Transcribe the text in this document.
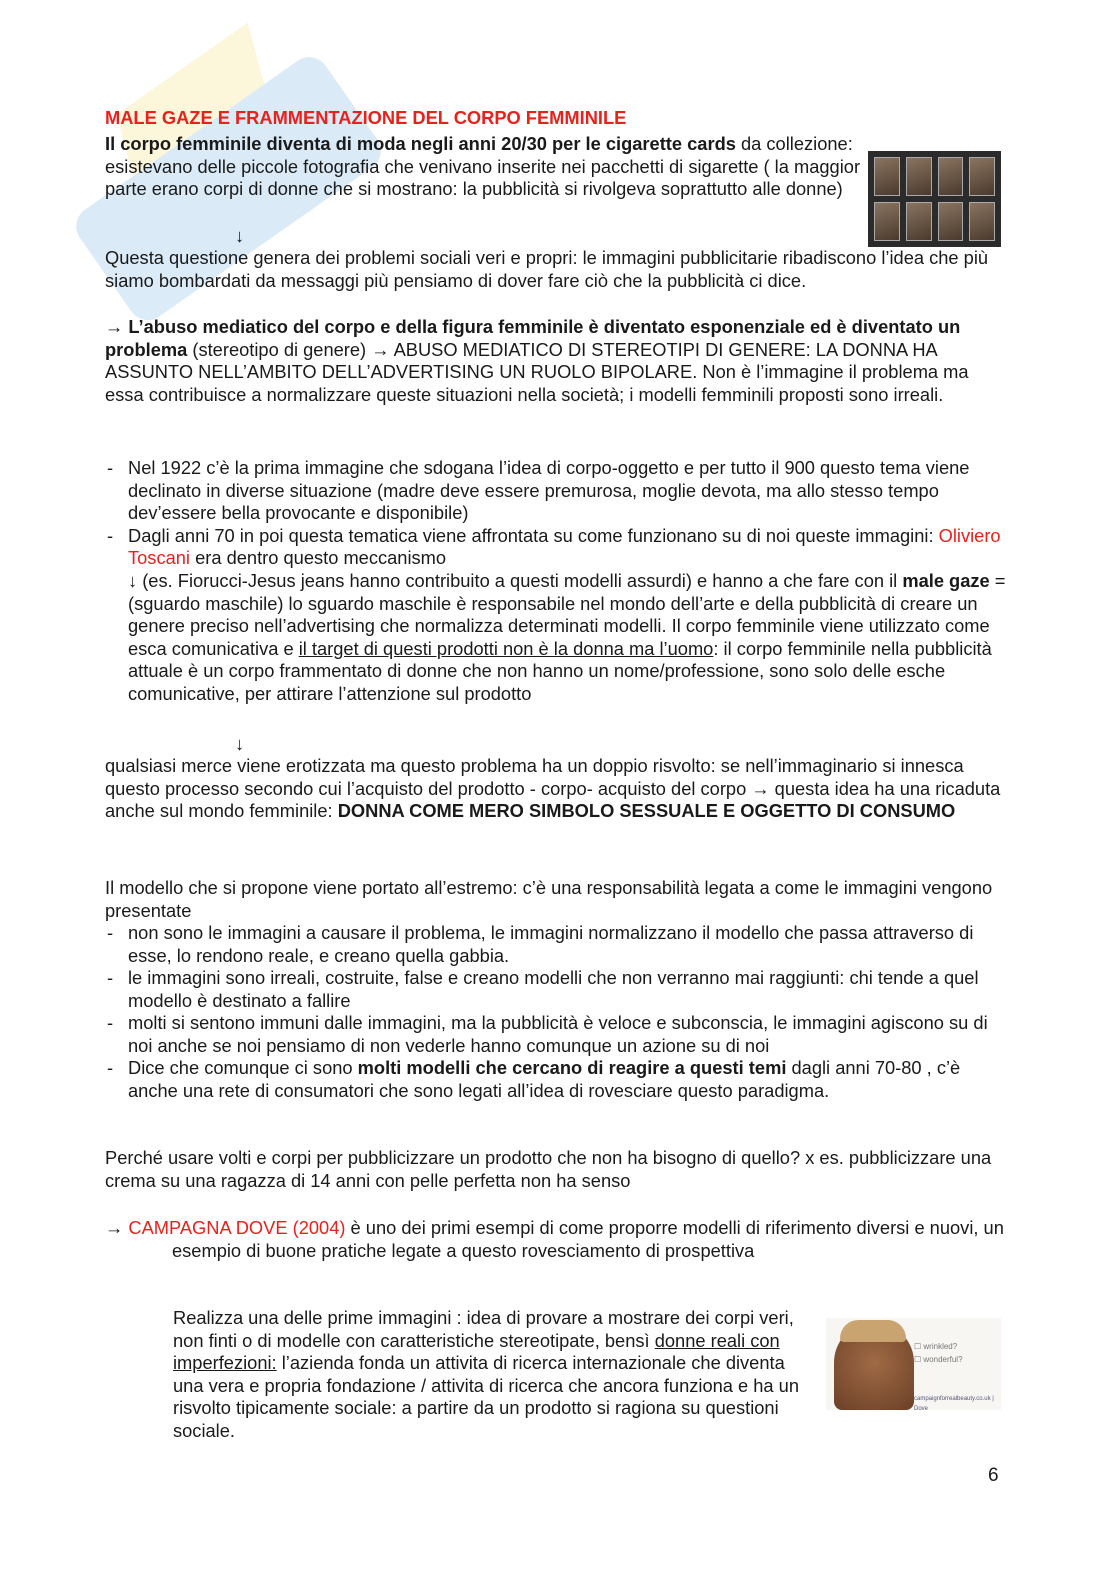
MALE GAZE E FRAMMENTAZIONE DEL CORPO FEMMINILE
Il corpo femminile diventa di moda negli anni 20/30 per le cigarette cards da collezione: esistevano delle piccole fotografia che venivano inserite nei pacchetti di sigarette ( la maggior parte erano corpi di donne che si mostrano: la pubblicità si rivolgeva soprattutto alle donne)
↓
Questa questione genera dei problemi sociali veri e propri: le immagini pubblicitarie ribadiscono l’idea che più siamo bombardati da messaggi più pensiamo di dover fare ciò che la pubblicità ci dice.
→ L’abuso mediatico del corpo e della figura femminile è diventato esponenziale ed è diventato un problema (stereotipo di genere) → ABUSO MEDIATICO DI STEREOTIPI DI GENERE: LA DONNA HA ASSUNTO NELL’AMBITO DELL’ADVERTISING UN RUOLO BIPOLARE. Non è l’immagine il problema ma essa contribuisce a normalizzare queste situazioni nella società; i modelli femminili proposti sono irreali.
- Nel 1922 c’è la prima immagine che sdogana l’idea di corpo-oggetto e per tutto il 900 questo tema viene declinato in diverse situazione (madre deve essere premurosa, moglie devota, ma allo stesso tempo dev’essere bella provocante e disponibile)
- Dagli anni 70 in poi questa tematica viene affrontata su come funzionano su di noi queste immagini: Oliviero Toscani era dentro questo meccanismo
↓ (es. Fiorucci-Jesus jeans hanno contribuito a questi modelli assurdi) e hanno a che fare con il male gaze = (sguardo maschile) lo sguardo maschile è responsabile nel mondo dell’arte e della pubblicità di creare un genere preciso nell’advertising che normalizza determinati modelli. Il corpo femminile viene utilizzato come esca comunicativa e il target di questi prodotti non è la donna ma l’uomo: il corpo femminile nella pubblicità attuale è un corpo frammentato di donne che non hanno un nome/professione, sono solo delle esche comunicative, per attirare l’attenzione sul prodotto
↓
qualsiasi merce viene erotizzata ma questo problema ha un doppio risvolto: se nell’immaginario si innesca questo processo secondo cui l’acquisto del prodotto - corpo- acquisto del corpo → questa idea ha una ricaduta anche sul mondo femminile: DONNA COME MERO SIMBOLO SESSUALE E OGGETTO DI CONSUMO
Il modello che si propone viene portato all’estremo: c’è una responsabilità legata a come le immagini vengono presentate
- non sono le immagini a causare il problema, le immagini normalizzano il modello che passa attraverso di esse, lo rendono reale, e creano quella gabbia.
- le immagini sono irreali, costruite, false e creano modelli che non verranno mai raggiunti: chi tende a quel modello è destinato a fallire
- molti si sentono immuni dalle immagini, ma la pubblicità è veloce e subconscia, le immagini agiscono su di noi anche se noi pensiamo di non vederle hanno comunque un azione su di noi
- Dice che comunque ci sono molti modelli che cercano di reagire a questi temi dagli anni 70-80 , c’è anche una rete di consumatori che sono legati all’idea di rovesciare questo paradigma.
Perché usare volti e corpi per pubblicizzare un prodotto che non ha bisogno di quello? x es. pubblicizzare una crema su una ragazza di 14 anni con pelle perfetta non ha senso
→ CAMPAGNA DOVE (2004) è uno dei primi esempi di come proporre modelli di riferimento diversi e nuovi, un esempio di buone pratiche legate a questo rovesciamento di prospettiva
Realizza una delle prime immagini : idea di provare a mostrare dei corpi veri, non finti o di modelle con caratteristiche stereotipate, bensì donne reali con imperfezioni: l’azienda fonda un attivita di ricerca internazionale che diventa una vera e propria fondazione / attivita di ricerca che ancora funziona e ha un risvolto tipicamente sociale: a partire da un prodotto si ragiona su questioni sociale.
☐ wrinkled?
☐ wonderful?
campaignforrealbeauty.co.uk | Dove
6
